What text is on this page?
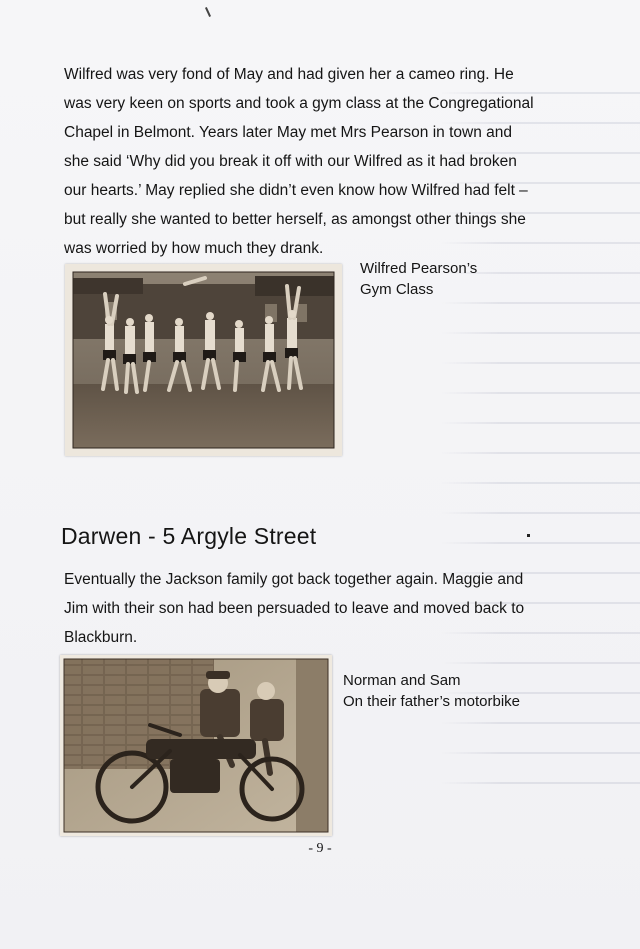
Wilfred was very fond of May and had given her a cameo ring. He
was very keen on sports and took a gym class at the Congregational
Chapel in Belmont. Years later May met Mrs Pearson in town and
she said ‘Why did you break it off with our Wilfred as it had broken
our hearts.’ May replied she didn’t even know how Wilfred had felt –
but really she wanted to better herself, as amongst other things she
was worried by how much they drank.

Wilfred Pearson’s
Gym Class

Darwen - 5 Argyle Street

Eventually the Jackson family got back together again. Maggie and
Jim with their son had been persuaded to leave and moved back to
Blackburn.

Norman and Sam
On their father’s motorbike

- 9 -
